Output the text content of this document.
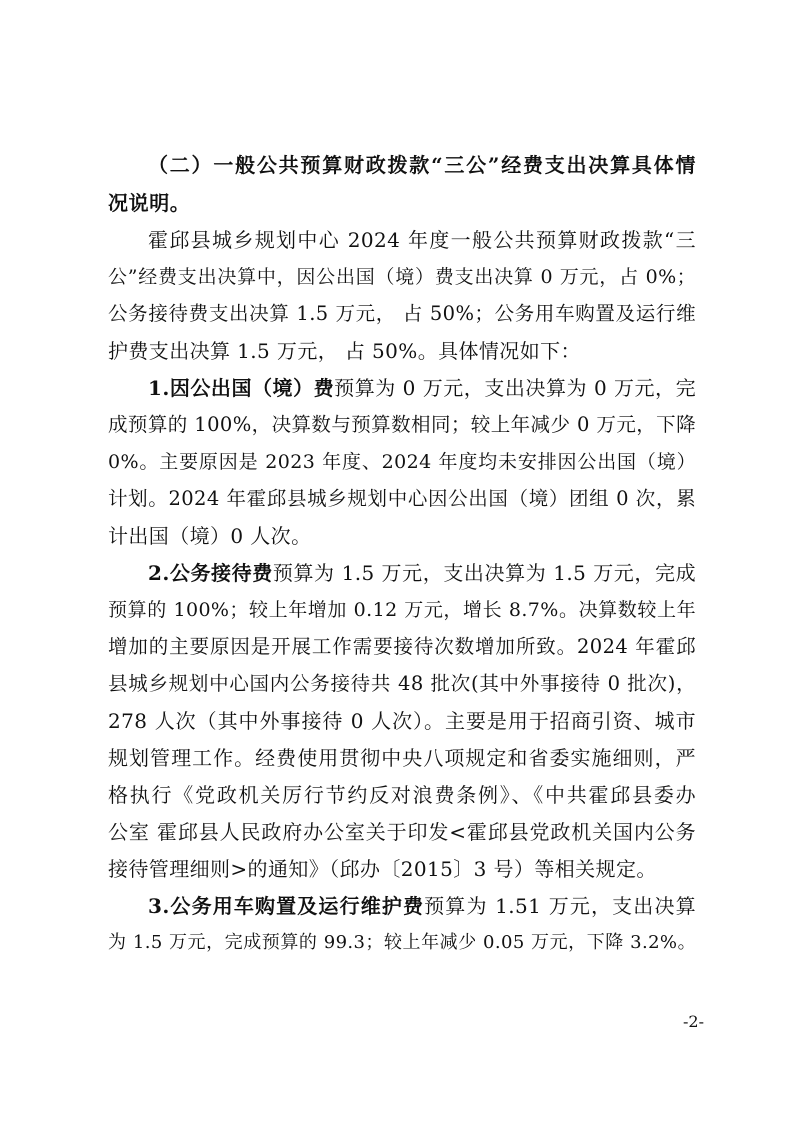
（二）一般公共预算财政拨款“三公”经费支出决算具体情
况说明。
霍邱县城乡规划中心 2024 年度一般公共预算财政拨款“三
公”经费支出决算中，因公出国（境）费支出决算 0 万元，占 0%；
公务接待费支出决算 1.5 万元， 占 50%；公务用车购置及运行维
护费支出决算 1.5 万元， 占 50%。具体情况如下：
1.因公出国（境）费预算为 0 万元，支出决算为 0 万元，完
成预算的 100%，决算数与预算数相同；较上年减少 0 万元，下降
0%。主要原因是 2023 年度、2024 年度均未安排因公出国（境）
计划。2024 年霍邱县城乡规划中心因公出国（境）团组 0 次，累
计出国（境）0 人次。
2.公务接待费预算为 1.5 万元，支出决算为 1.5 万元，完成
预算的 100%；较上年增加 0.12 万元，增长 8.7%。决算数较上年
增加的主要原因是开展工作需要接待次数增加所致。2024 年霍邱
县城乡规划中心国内公务接待共 48 批次(其中外事接待 0 批次)，
278 人次（其中外事接待 0 人次）。主要是用于招商引资、城市
规划管理工作。经费使用贯彻中央八项规定和省委实施细则，严
格执行《党政机关厉行节约反对浪费条例》、《中共霍邱县委办
公室 霍邱县人民政府办公室关于印发<霍邱县党政机关国内公务
接待管理细则>的通知》（邱办〔2015〕3 号）等相关规定。
3.公务用车购置及运行维护费预算为 1.51 万元，支出决算
为 1.5 万元，完成预算的 99.3；较上年减少 0.05 万元，下降 3.2%。
-2-
